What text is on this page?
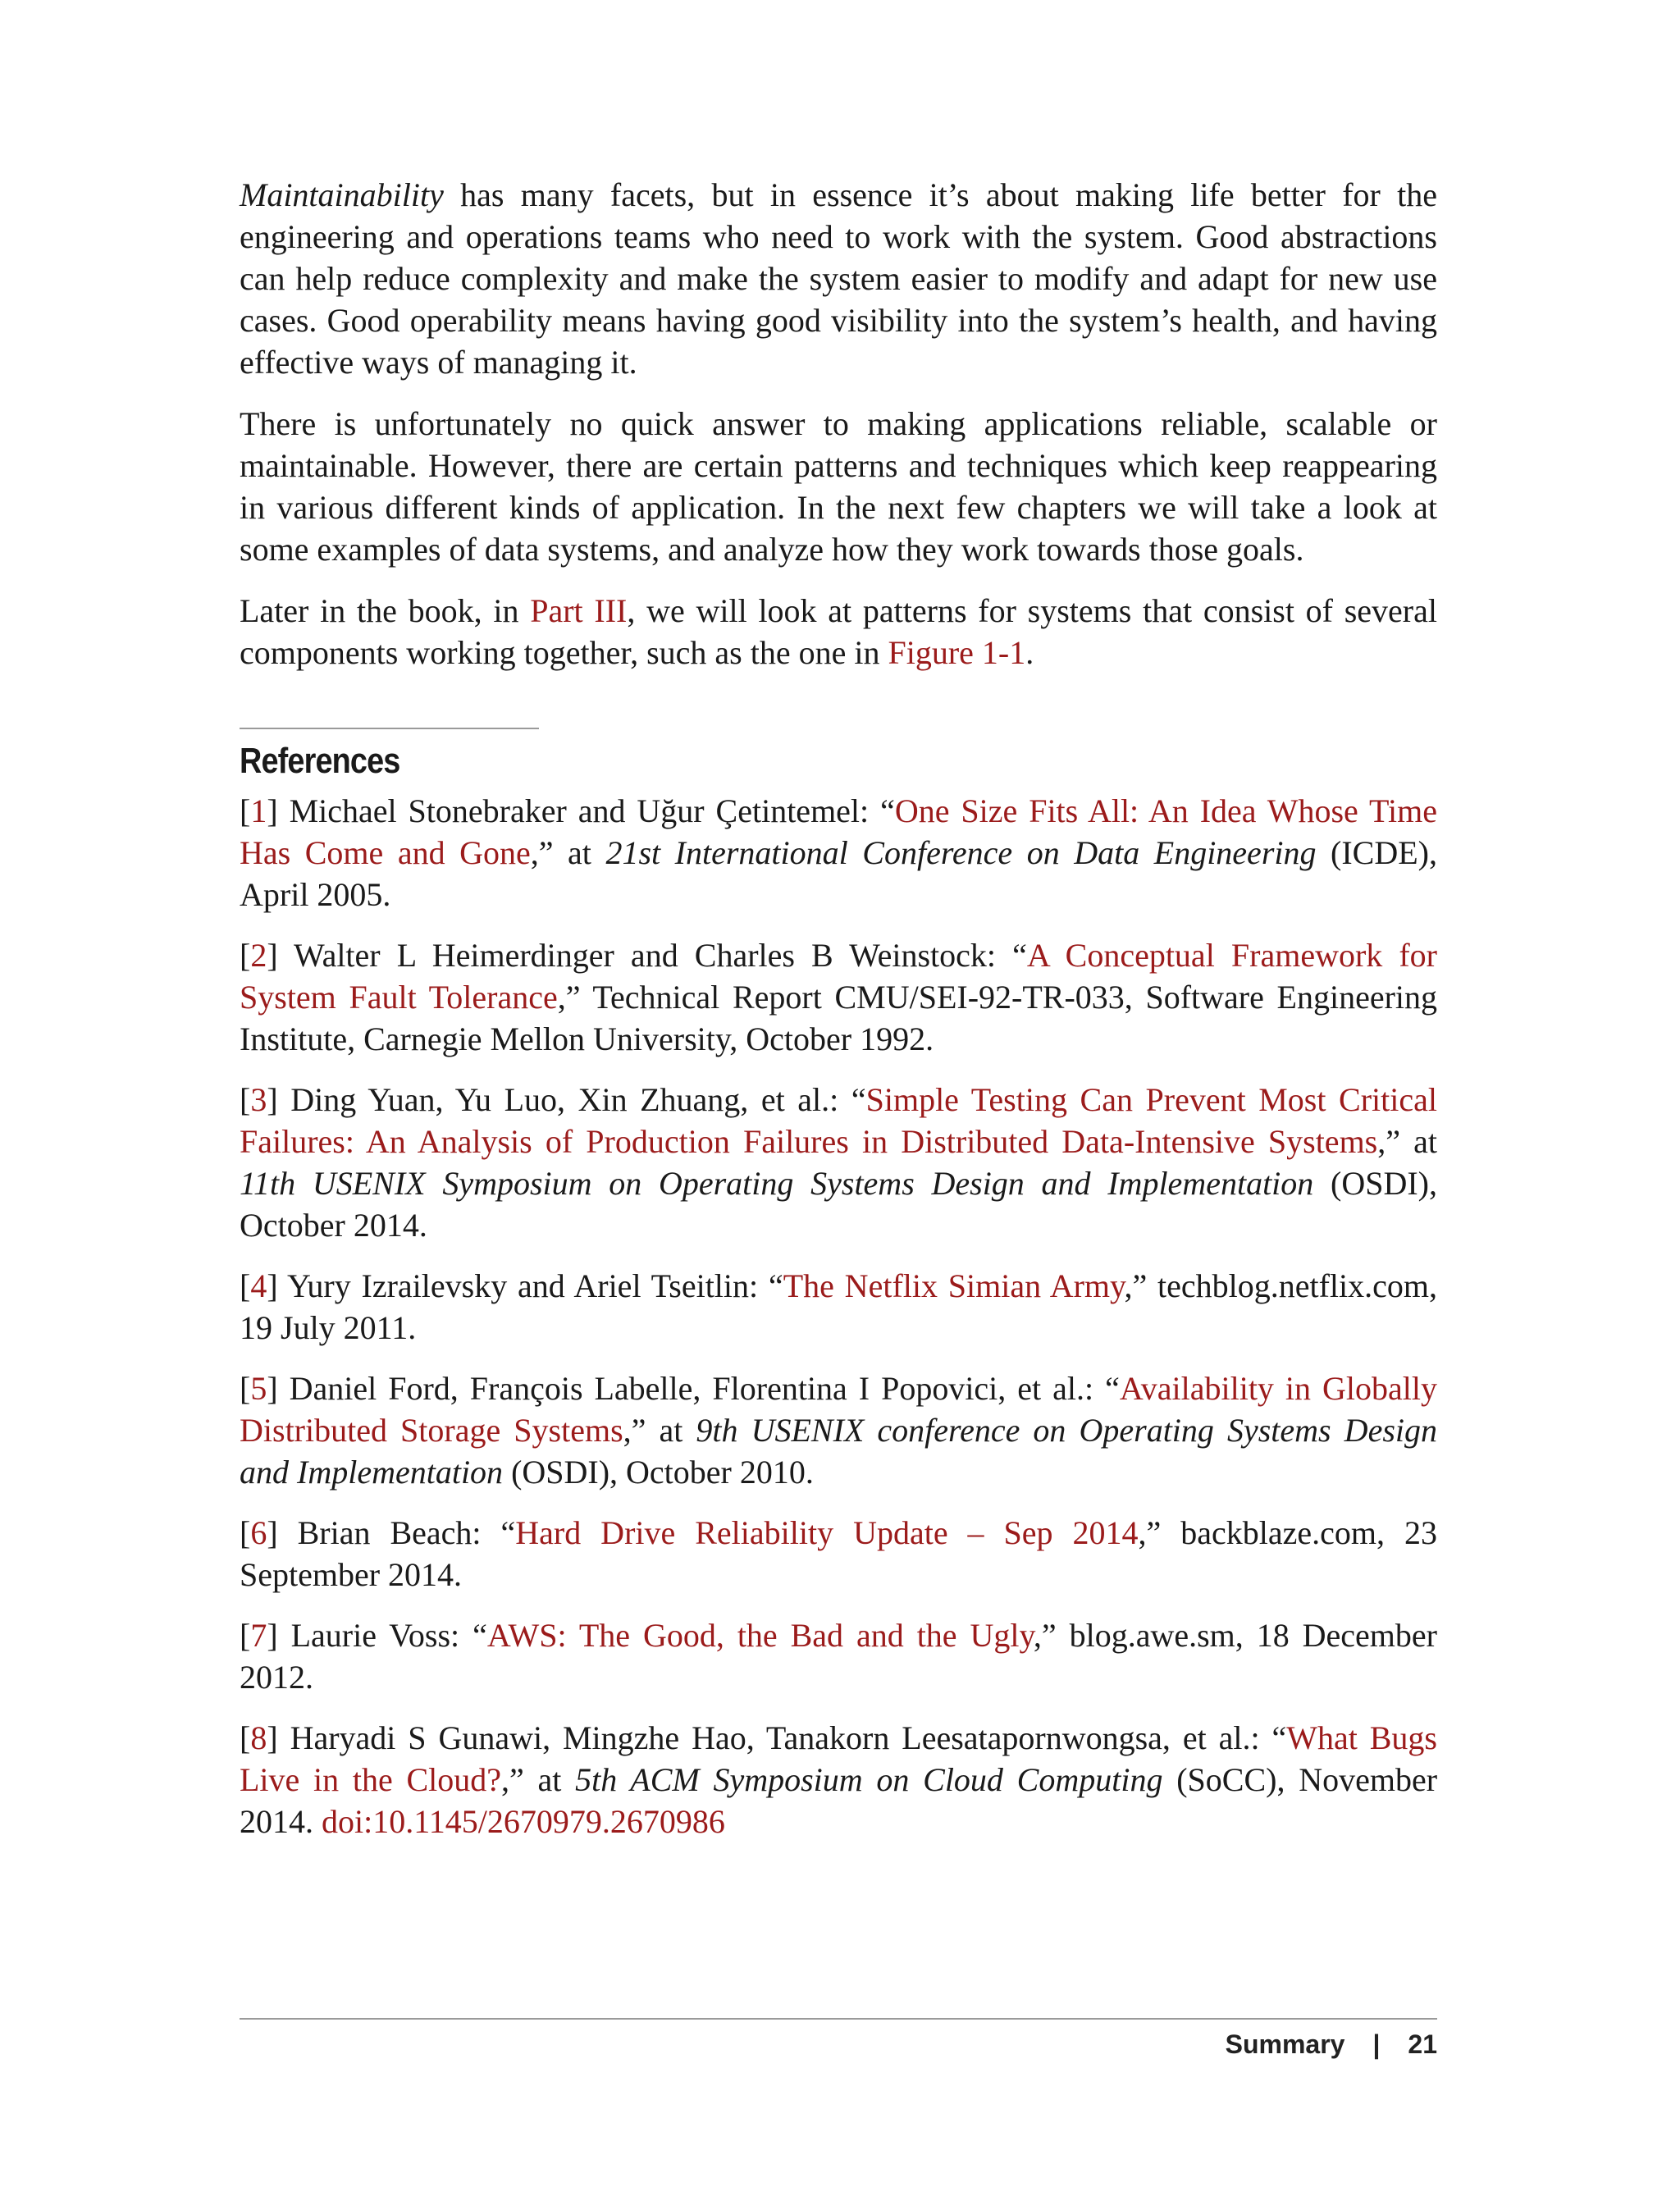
Maintainability has many facets, but in essence it’s about making life better for the engineering and operations teams who need to work with the system. Good abstractions can help reduce complexity and make the system easier to modify and adapt for new use cases. Good operability means having good visibility into the system’s health, and having effective ways of managing it.

There is unfortunately no quick answer to making applications reliable, scalable or maintainable. However, there are certain patterns and techniques which keep reappearing in various different kinds of application. In the next few chapters we will take a look at some examples of data systems, and analyze how they work towards those goals.

Later in the book, in Part III, we will look at patterns for systems that consist of several components working together, such as the one in Figure 1-1.

References

[1] Michael Stonebraker and Uğur Çetintemel: “One Size Fits All: An Idea Whose Time Has Come and Gone,” at 21st International Conference on Data Engineering (ICDE), April 2005.

[2] Walter L Heimerdinger and Charles B Weinstock: “A Conceptual Framework for System Fault Tolerance,” Technical Report CMU/SEI-92-TR-033, Software Engineering Institute, Carnegie Mellon University, October 1992.

[3] Ding Yuan, Yu Luo, Xin Zhuang, et al.: “Simple Testing Can Prevent Most Critical Failures: An Analysis of Production Failures in Distributed Data-Intensive Systems,” at 11th USENIX Symposium on Operating Systems Design and Implementation (OSDI), October 2014.

[4] Yury Izrailevsky and Ariel Tseitlin: “The Netflix Simian Army,” techblog.netflix.com, 19 July 2011.

[5] Daniel Ford, François Labelle, Florentina I Popovici, et al.: “Availability in Globally Distributed Storage Systems,” at 9th USENIX conference on Operating Systems Design and Implementation (OSDI), October 2010.

[6] Brian Beach: “Hard Drive Reliability Update – Sep 2014,” backblaze.com, 23 September 2014.

[7] Laurie Voss: “AWS: The Good, the Bad and the Ugly,” blog.awe.sm, 18 December 2012.

[8] Haryadi S Gunawi, Mingzhe Hao, Tanakorn Leesatapornwongsa, et al.: “What Bugs Live in the Cloud?,” at 5th ACM Symposium on Cloud Computing (SoCC), November 2014. doi:10.1145/2670979.2670986

Summary | 21
